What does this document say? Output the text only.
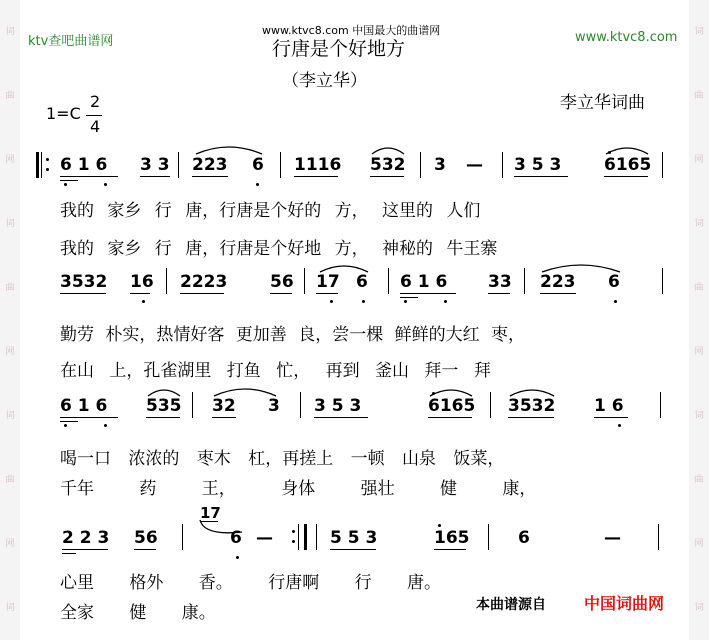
词
曲
网
词
曲
网
词
曲
网
词
词
曲
网
词
曲
网
词
曲
网
词
ktv查吧曲谱网	www.ktvc8.com
www.ktvc8.com 中国最大的曲谱网
行唐是个好地方
（李立华）
李立华词曲
1=C
2
4
6 1 6 3 3 223 6 1116 532 3 — 3 5 3	6165
我的 家乡 行 唐，行唐是个好的 方， 这里的 人们
我的 家乡 行 唐，行唐是个好地 方， 神秘的 牛王寨
3532 16 2223	56 17 6 6 1 6 33 223 6
勤劳 朴实，热情好客 更加善 良，尝一棵 鲜鲜的大红 枣，
在山 上，孔雀湖里 打鱼 忙， 再到 釜山 拜一 拜
6 1 6 535 32 3 3 5 3	6165 3532 1 6
喝一口 浓浓的 枣木 杠，再搓上 一顿 山泉 饭菜，
千年 药 王， 身体 强壮 健 康，
2 2 3 56
17
6 —	5 5 3	165	6	—
心里 格外 香。 行唐啊 行 唐。
全家 健 康。	本曲谱源自 中国词曲网
